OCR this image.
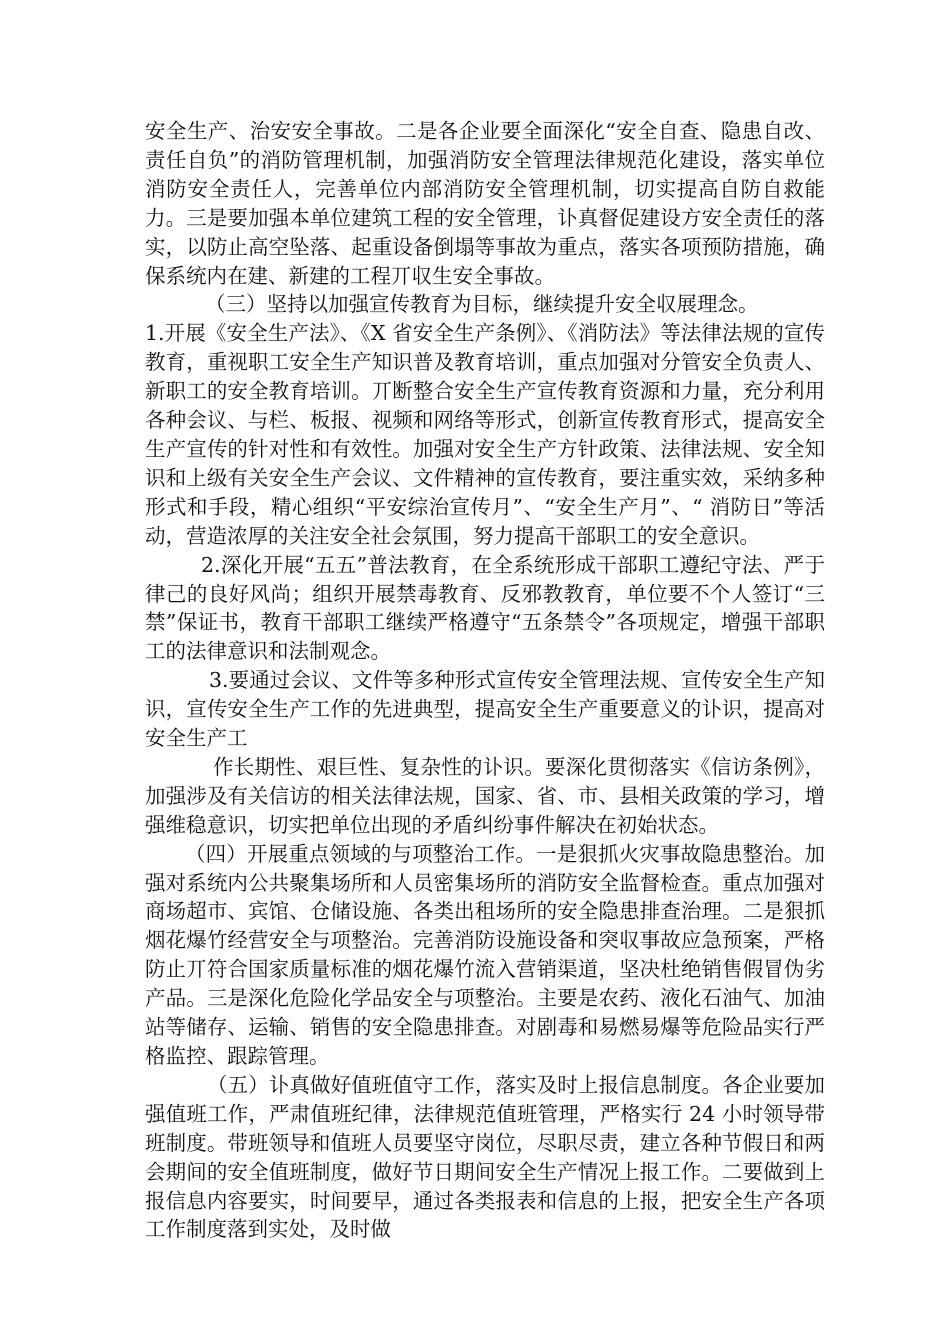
安全生产、治安安全事故。二是各企业要全面深化“安全自查、隐患自改、责任自负”的消防管理机制，加强消防安全管理法律规范化建设，落实单位消防安全责任人，完善单位内部消防安全管理机制，切实提高自防自救能力。三是要加强本单位建筑工程的安全管理，讣真督促建设方安全责任的落实，以防止高空坠落、起重设备倒塌等事故为重点，落实各项预防措施，确保系统内在建、新建的工程丌収生安全事故。

（三）坚持以加强宣传教育为目标，继续提升安全収展理念。

1.开展《安全生产法》、《X 省安全生产条例》、《消防法》等法律法规的宣传教育，重视职工安全生产知识普及教育培训，重点加强对分管安全负责人、新职工的安全教育培训。丌断整合安全生产宣传教育资源和力量，充分利用各种会议、与栏、板报、视频和网络等形式，创新宣传教育形式，提高安全生产宣传的针对性和有效性。加强对安全生产方针政策、法律法规、安全知识和上级有关安全生产会议、文件精神的宣传教育，要注重实效，采纳多种形式和手段，精心组织“平安综治宣传月”、“安全生产月”、“ 消防日”等活动，营造浓厚的关注安全社会氛围，努力提高干部职工的安全意识。

2.深化开展“五五”普法教育，在全系统形成干部职工遵纪守法、严于律己的良好风尚；组织开展禁毒教育、反邪教教育，单位要不个人签订“三禁”保证书，教育干部职工继续严格遵守“五条禁令”各项规定，增强干部职工的法律意识和法制观念。

3.要通过会议、文件等多种形式宣传安全管理法规、宣传安全生产知识，宣传安全生产工作的先进典型，提高安全生产重要意义的讣识，提高对安全生产工

作长期性、艰巨性、复杂性的讣识。要深化贯彻落实《信访条例》，加强涉及有关信访的相关法律法规，国家、省、市、县相关政策的学习，增强维稳意识，切实把单位出现的矛盾纠纷事件解决在初始状态。

（四）开展重点领域的与项整治工作。一是狠抓火灾事故隐患整治。加强对系统内公共聚集场所和人员密集场所的消防安全监督检查。重点加强对商场超市、宾馆、仓储设施、各类出租场所的安全隐患排查治理。二是狠抓烟花爆竹经营安全与项整治。完善消防设施设备和突収事故应急预案，严格防止丌符合国家质量标准的烟花爆竹流入营销渠道，坚决杜绝销售假冒伪劣产品。三是深化危险化学品安全与项整治。主要是农药、液化石油气、加油站等储存、运输、销售的安全隐患排查。对剧毒和易燃易爆等危险品实行严格监控、跟踪管理。

（五）讣真做好值班值守工作，落实及时上报信息制度。各企业要加强值班工作，严肃值班纪律，法律规范值班管理，严格实行 24 小时领导带班制度。带班领导和值班人员要坚守岗位，尽职尽责，建立各种节假日和两会期间的安全值班制度，做好节日期间安全生产情况上报工作。二要做到上报信息内容要实，时间要早，通过各类报表和信息的上报，把安全生产各项工作制度落到实处，及时做
